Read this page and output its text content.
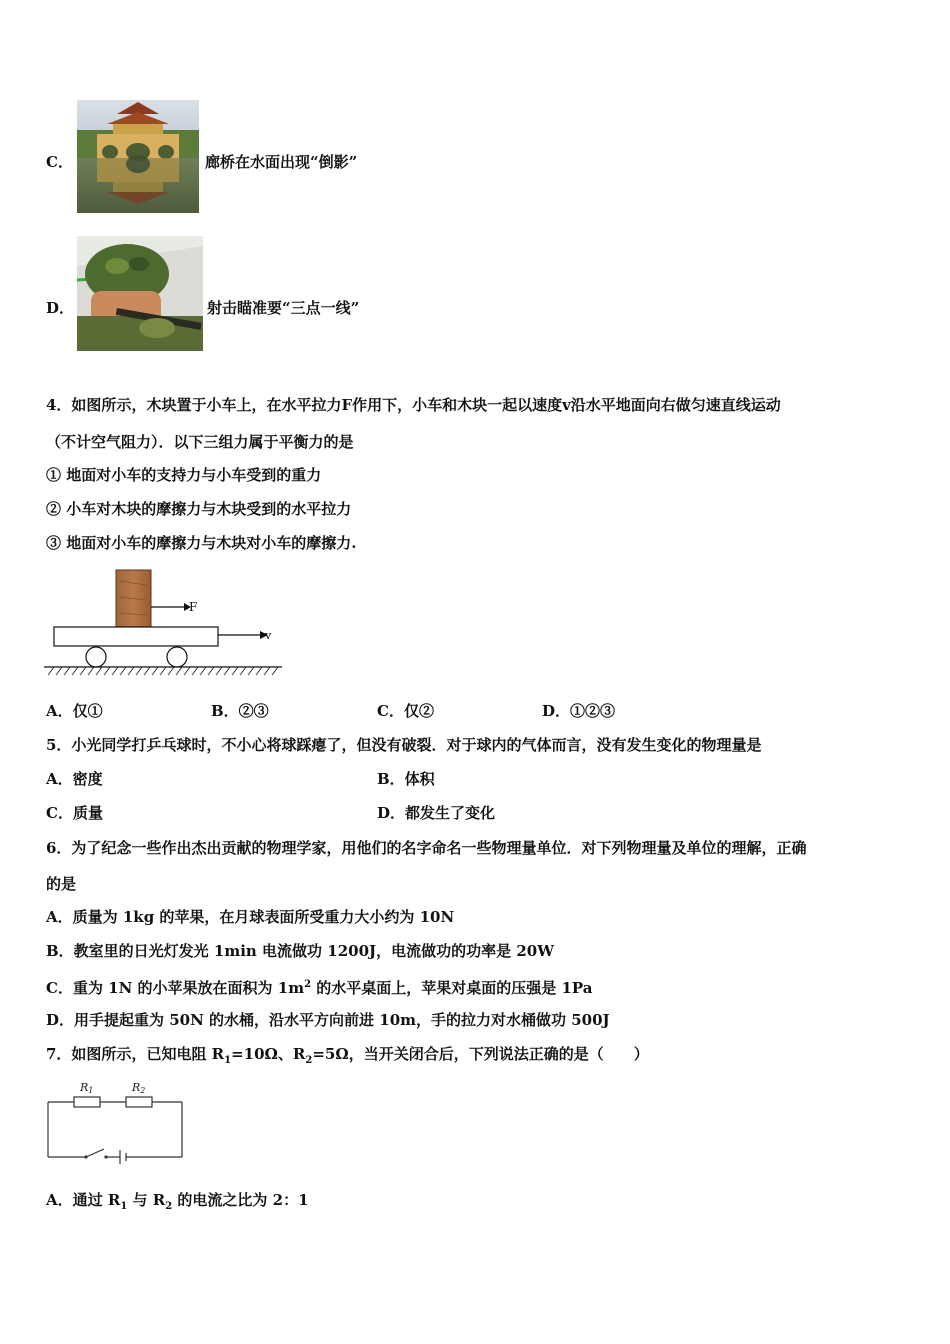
C．	廊桥在水面出现“倒影”
D．	射击瞄准要“三点一线”
4．如图所示，木块置于小车上，在水平拉力F作用下，小车和木块一起以速度v沿水平地面向右做匀速直线运动
（不计空气阻力）．以下三组力属于平衡力的是
① 地面对小车的支持力与小车受到的重力
② 小车对木块的摩擦力与木块受到的水平拉力
③ 地面对小车的摩擦力与木块对小车的摩擦力.
F
v
A．仅①	B．②③	C．仅②	D．①②③
5．小光同学打乒乓球时，不小心将球踩瘪了，但没有破裂．对于球内的气体而言，没有发生变化的物理量是
A．密度	B．体积
C．质量	D．都发生了变化
6．为了纪念一些作出杰出贡献的物理学家，用他们的名字命名一些物理量单位．对下列物理量及单位的理解，正确
的是
A．质量为 1kg 的苹果，在月球表面所受重力大小约为 10N
B．教室里的日光灯发光 1min 电流做功 1200J，电流做功的功率是 20W
C．重为 1N 的小苹果放在面积为 $1m^2$ 的水平桌面上，苹果对桌面的压强是 1Pa
D．用手提起重为 50N 的水桶，沿水平方向前进 10m，手的拉力对水桶做功 500J
7．如图所示，已知电阻 $R_1=10\Omega$、$R_2=5\Omega$，当开关闭合后，下列说法正确的是（　　）
R1	R2
A．通过 $R_1$ 与 $R_2$ 的电流之比为 2：1
